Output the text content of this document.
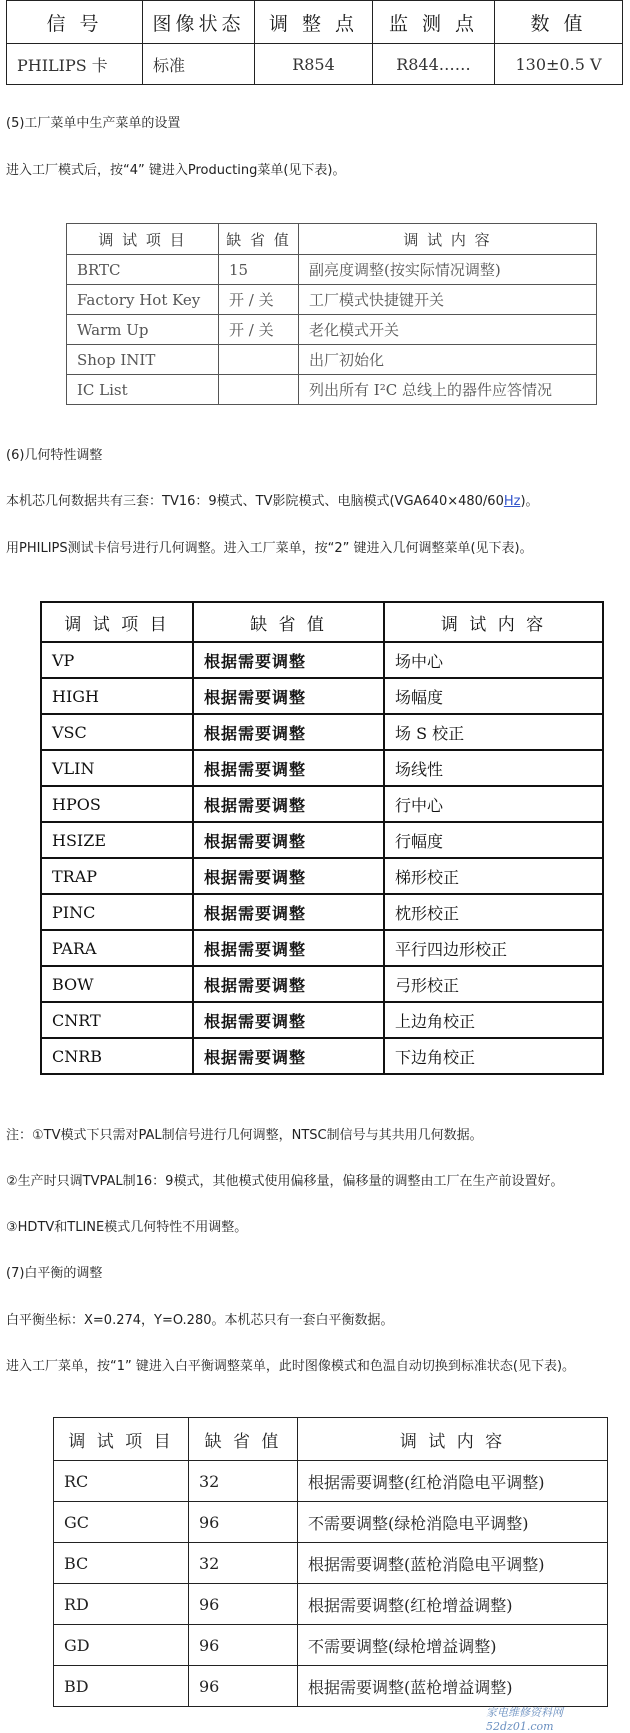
信 号	图像状态	调 整 点	监 测 点	数 值
PHILIPS 卡	标准	R854	R844……	130±0.5 V
(5)工厂菜单中生产菜单的设置
进入工厂模式后，按“4” 键进入Producting菜单(见下表)。
调 试 项 目	缺 省 值	调 试 内 容
BRTC	15	副亮度调整(按实际情况调整)
Factory Hot Key	开 / 关	工厂模式快捷键开关
Warm Up	开 / 关	老化模式开关
Shop INIT		出厂初始化
IC List		列出所有 I²C 总线上的器件应答情况
(6)几何特性调整
本机芯几何数据共有三套：TV16：9模式、TV影院模式、电脑模式(VGA640×480/60Hz)。
用PHILIPS测试卡信号进行几何调整。进入工厂菜单，按“2” 键进入几何调整菜单(见下表)。
调 试 项 目	缺 省 值	调 试 内 容
VP	根据需要调整	场中心
HIGH	根据需要调整	场幅度
VSC	根据需要调整	场 S 校正
VLIN	根据需要调整	场线性
HPOS	根据需要调整	行中心
HSIZE	根据需要调整	行幅度
TRAP	根据需要调整	梯形校正
PINC	根据需要调整	枕形校正
PARA	根据需要调整	平行四边形校正
BOW	根据需要调整	弓形校正
CNRT	根据需要调整	上边角校正
CNRB	根据需要调整	下边角校正
注：①TV模式下只需对PAL制信号进行几何调整，NTSC制信号与其共用几何数据。
②生产时只调TVPAL制16：9模式，其他模式使用偏移量，偏移量的调整由工厂在生产前设置好。
③HDTV和TLINE模式几何特性不用调整。
(7)白平衡的调整
白平衡坐标：X=0.274，Y=O.280。本机芯只有一套白平衡数据。
进入工厂菜单，按“1” 键进入白平衡调整菜单，此时图像模式和色温自动切换到标准状态(见下表)。
调 试 项 目	缺 省 值	调 试 内 容
RC	32	根据需要调整(红枪消隐电平调整)
GC	96	不需要调整(绿枪消隐电平调整)
BC	32	根据需要调整(蓝枪消隐电平调整)
RD	96	根据需要调整(红枪增益调整)
GD	96	不需要调整(绿枪增益调整)
BD	96	根据需要调整(蓝枪增益调整)
家电维修资料网 52dz01.com
